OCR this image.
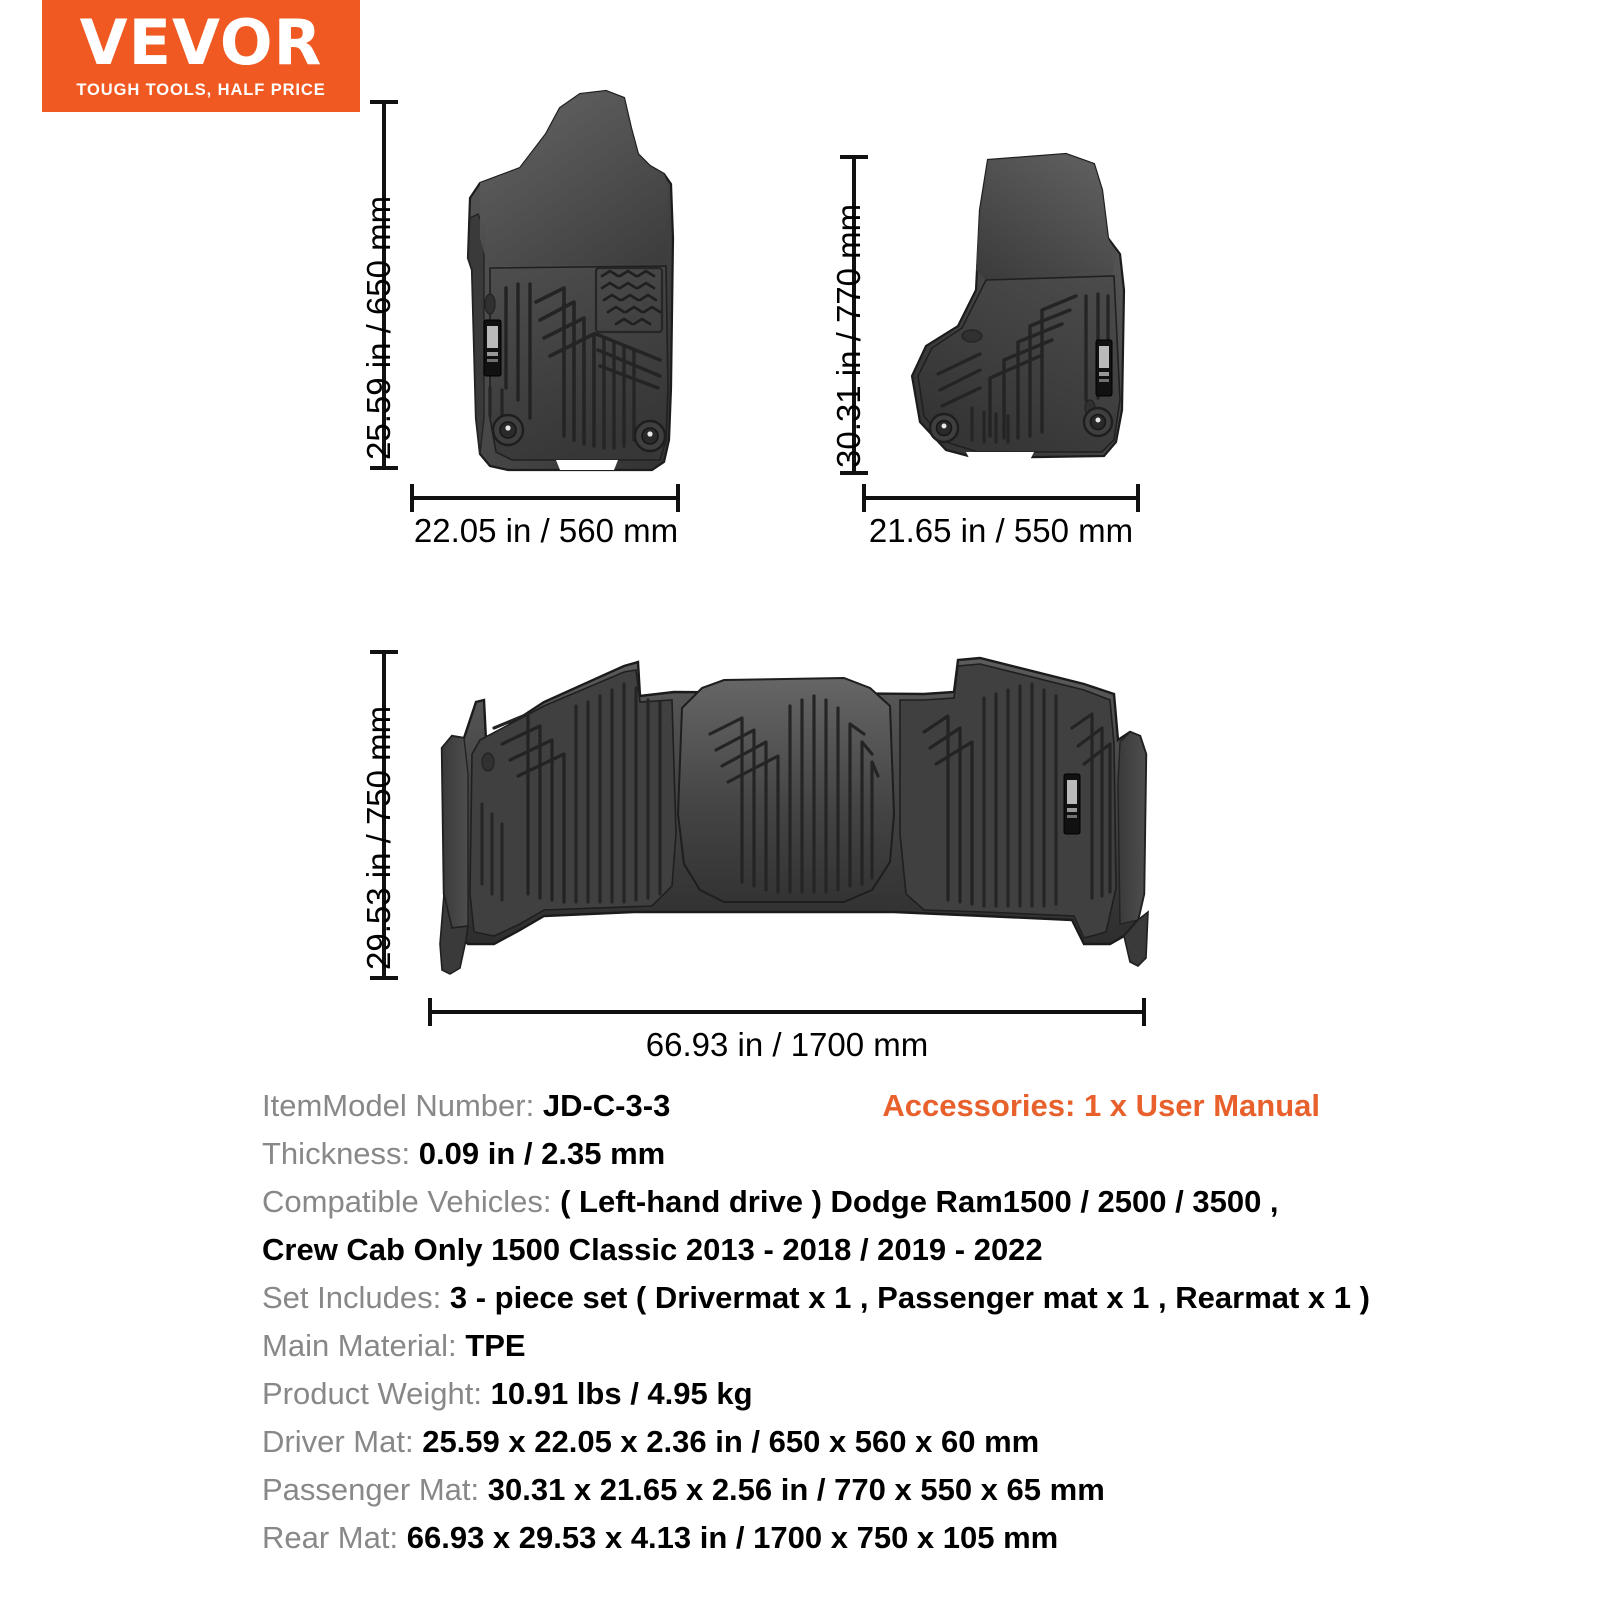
VEVOR
TOUGH TOOLS, HALF PRICE
25.59 in / 650 mm
22.05 in / 560 mm
30.31 in / 770 mm
21.65 in / 550 mm
29.53 in / 750 mm
66.93 in / 1700 mm
ItemModel Number: JD-C-3-3	Accessories: 1 x User Manual
Thickness: 0.09 in / 2.35 mm
Compatible Vehicles: ( Left-hand drive ) Dodge Ram1500 / 2500 / 3500 ,
Crew Cab Only 1500 Classic 2013 - 2018 / 2019 - 2022
Set Includes: 3 - piece set ( Drivermat x 1 , Passenger mat x 1 , Rearmat x 1 )
Main Material: TPE
Product Weight: 10.91 lbs / 4.95 kg
Driver Mat: 25.59 x 22.05 x 2.36 in / 650 x 560 x 60 mm
Passenger Mat: 30.31 x 21.65 x 2.56 in / 770 x 550 x 65 mm
Rear Mat: 66.93 x 29.53 x 4.13 in / 1700 x 750 x 105 mm
